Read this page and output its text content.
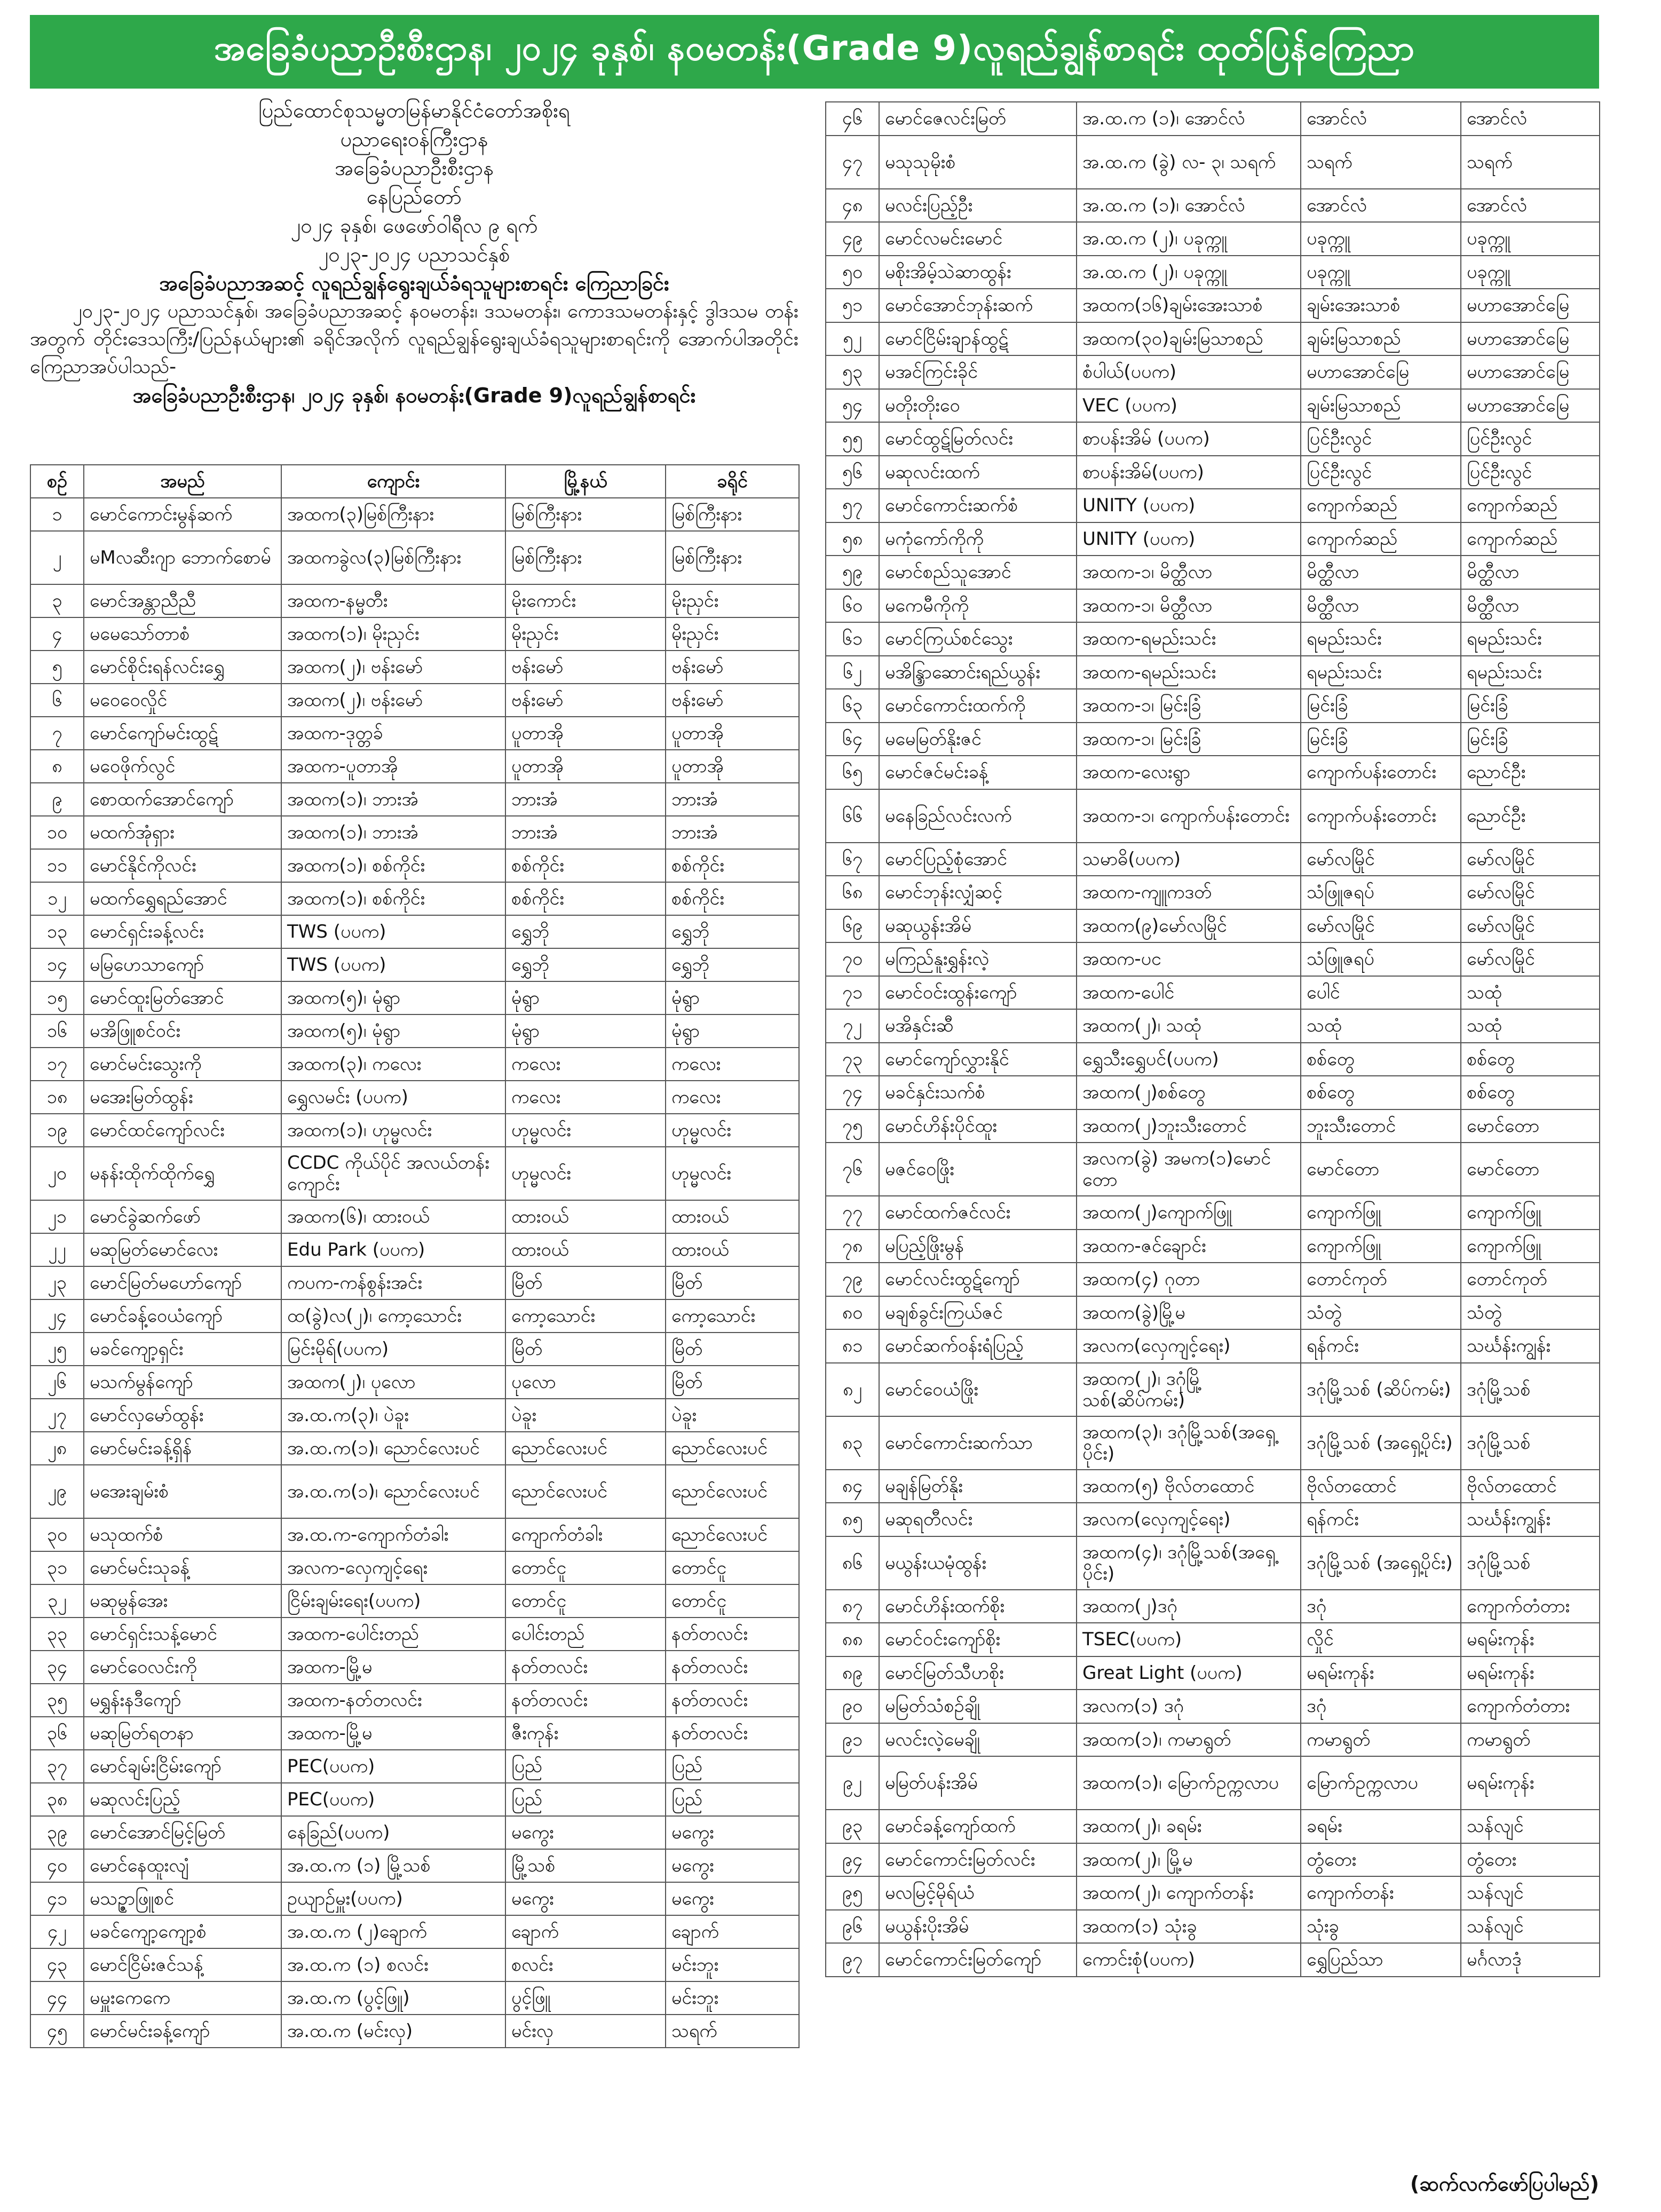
အခြေခံပညာဦးစီးဌာန၊ ၂၀၂၄ ခုနှစ်၊ န၀မတန်း(Grade 9)လူရည်ချွန်စာရင်း ထုတ်ပြန်ကြေညာ
ပြည်ထောင်စုသမ္မတမြန်မာနိုင်ငံတော်အစိုးရ
ပညာရေးဝန်ကြီးဌာန
အခြေခံပညာဦးစီးဌာန
နေပြည်တော်
၂၀၂၄ ခုနှစ်၊ ဖေဖော်ဝါရီလ ၉ ရက်
၂၀၂၃-၂၀၂၄ ပညာသင်နှစ်
အခြေခံပညာအဆင့် လူရည်ချွန်ရွေးချယ်ခံရသူများစာရင်း ကြေညာခြင်း
၂၀၂၃-၂၀၂၄ ပညာသင်နှစ်၊ အခြေခံပညာအဆင့် န၀မတန်း၊ ဒသမတန်း၊ ကောဒသမတန်းနှင့် ဒွါဒသမ တန်းအတွက် တိုင်းဒေသကြီး/ပြည်နယ်များ၏ ခရိုင်အလိုက် လူရည်ချွန်ရွေးချယ်ခံရသူများစာရင်းကို အောက်ပါအတိုင်းကြေညာအပ်ပါသည်-
အခြေခံပညာဦးစီးဌာန၊ ၂၀၂၄ ခုနှစ်၊ န၀မတန်း(Grade 9)လူရည်ချွန်စာရင်း
စဉ်	အမည်	ကျောင်း	မြို့နယ်	ခရိုင်
၁	မောင်ကောင်းမွန်ဆက်	အထက(၃)မြစ်ကြီးနား	မြစ်ကြီးနား	မြစ်ကြီးနား
၂	မMလဆီးဂျာ ဘောက်စောမ်	အထကခွဲလ(၃)မြစ်ကြီးနား	မြစ်ကြီးနား	မြစ်ကြီးနား
၃	မောင်အန္တာညီညီ	အထက-နမ္မတီး	မိုးကောင်း	မိုးညှင်း
၄	မမေသော်တာစံ	အထက(၁)၊ မိုးညှင်း	မိုးညှင်း	မိုးညှင်း
၅	မောင်စိုင်းရန်လင်းရွှေ	အထက(၂)၊ ဗန်းမော်	ဗန်းမော်	ဗန်းမော်
၆	မဝေဝေလှိုင်	အထက(၂)၊ ဗန်းမော်	ဗန်းမော်	ဗန်းမော်
၇	မောင်ကျော်မင်းထွဋ်	အထက-ဒုတ္တခ်	ပူတာအို	ပူတာအို
၈	မဝေဖိုက်လွင်	အထက-ပူတာအို	ပူတာအို	ပူတာအို
၉	စောထက်အောင်ကျော်	အထက(၁)၊ ဘားအံ	ဘားအံ	ဘားအံ
၁၀	မထက်အုံရှား	အထက(၁)၊ ဘားအံ	ဘားအံ	ဘားအံ
၁၁	မောင်နိုင်ကိုလင်း	အထက(၁)၊ စစ်ကိုင်း	စစ်ကိုင်း	စစ်ကိုင်း
၁၂	မထက်ရွှေရည်အောင်	အထက(၁)၊ စစ်ကိုင်း	စစ်ကိုင်း	စစ်ကိုင်း
၁၃	မောင်ရှင်းခန့်လင်း	TWS (ပပက)	ရွှေဘို	ရွှေဘို
၁၄	မမြဟေသာကျော်	TWS (ပပက)	ရွှေဘို	ရွှေဘို
၁၅	မောင်ထူးမြတ်အောင်	အထက(၅)၊ မုံရွာ	မုံရွာ	မုံရွာ
၁၆	မအိဖြူစင်ဝင်း	အထက(၅)၊ မုံရွာ	မုံရွာ	မုံရွာ
၁၇	မောင်မင်းသွေးကို	အထက(၃)၊ ကလေး	ကလေး	ကလေး
၁၈	မအေးမြတ်ထွန်း	ရွှေလမင်း (ပပက)	ကလေး	ကလေး
၁၉	မောင်ထင်ကျော်လင်း	အထက(၁)၊ ဟုမ္မလင်း	ဟုမ္မလင်း	ဟုမ္မလင်း
၂၀	မနန်းထိုက်ထိုက်ရွှေ	CCDC ကိုယ်ပိုင် အလယ်တန်းကျောင်း	ဟုမ္မလင်း	ဟုမ္မလင်း
၂၁	မောင်ခွဲဆက်ဖော်	အထက(၆)၊ ထားဝယ်	ထားဝယ်	ထားဝယ်
၂၂	မဆုမြတ်မောင်လေး	Edu Park (ပပက)	ထားဝယ်	ထားဝယ်
၂၃	မောင်မြတ်မဟော်ကျော်	ကပက-ကန်စွန်းအင်း	မြိတ်	မြိတ်
၂၄	မောင်ခန့်ဝေယံကျော်	ထ(ခွဲ)လ(၂)၊ ကော့သောင်း	ကော့သောင်း	ကော့သောင်း
၂၅	မခင်ကျော့ရှင်း	မြင်းမိုရ်(ပပက)	မြိတ်	မြိတ်
၂၆	မသက်မွန်ကျော်	အထက(၂)၊ ပုလော	ပုလော	မြိတ်
၂၇	မောင်လှမော်ထွန်း	အ.ထ.က(၃)၊ ပဲခူး	ပဲခူး	ပဲခူး
၂၈	မောင်မင်းခန့်ရှိန်	အ.ထ.က(၁)၊ ညောင်လေးပင်	ညောင်လေးပင်	ညောင်လေးပင်
၂၉	မအေးချမ်းစံ	အ.ထ.က(၁)၊ ညောင်လေးပင်	ညောင်လေးပင်	ညောင်လေးပင်
၃၀	မသုထက်စံ	အ.ထ.က-ကျောက်တံခါး	ကျောက်တံခါး	ညောင်လေးပင်
၃၁	မောင်မင်းသုခန့်	အလက-လှေကျင့်ရေး	တောင်ငူ	တောင်ငူ
၃၂	မဆုမွန်အေး	ငြိမ်းချမ်းရေး(ပပက)	တောင်ငူ	တောင်ငူ
၃၃	မောင်ရှင်းသန့်မောင်	အထက-ပေါင်းတည်	ပေါင်းတည်	နတ်တလင်း
၃၄	မောင်ဝေလင်းကို	အထက-မြို့မ	နတ်တလင်း	နတ်တလင်း
၃၅	မရွှန်းနဒီကျော်	အထက-နတ်တလင်း	နတ်တလင်း	နတ်တလင်း
၃၆	မဆုမြတ်ရတနာ	အထက-မြို့မ	ဇီးကုန်း	နတ်တလင်း
၃၇	မောင်ချမ်းငြိမ်းကျော်	PEC(ပပက)	ပြည်	ပြည်
၃၈	မဆုလင်းပြည့်	PEC(ပပက)	ပြည်	ပြည်
၃၉	မောင်အောင်မြင့်မြတ်	နေခြည်(ပပက)	မကွေး	မကွေး
၄၀	မောင်နေထူးလျံ	အ.ထ.က (၁) မြို့သစ်	မြို့သစ်	မကွေး
၄၁	မသဥ္ဇာဖြူစင်	ဥယျာဉ်မှူး(ပပက)	မကွေး	မကွေး
၄၂	မခင်ကျော့ကျော့စံ	အ.ထ.က (၂)ချောက်	ချောက်	ချောက်
၄၃	မောင်ငြိမ်းဇင်သန့်	အ.ထ.က (၁) စလင်း	စလင်း	မင်းဘူး
၄၄	မမှူးကေကေ	အ.ထ.က (ပွင့်ဖြူ)	ပွင့်ဖြူ	မင်းဘူး
၄၅	မောင်မင်းခန့်ကျော်	အ.ထ.က (မင်းလှ)	မင်းလှ	သရက်
၄၆	မောင်ဇေလင်းမြတ်	အ.ထ.က (၁)၊ အောင်လံ	အောင်လံ	အောင်လံ
၄၇	မသုသုမိုးစံ	အ.ထ.က (ခွဲ) လ- ၃၊ သရက်	သရက်	သရက်
၄၈	မလင်းပြည့်ဦး	အ.ထ.က (၁)၊ အောင်လံ	အောင်လံ	အောင်လံ
၄၉	မောင်လမင်းမောင်	အ.ထ.က (၂)၊ ပခုက္ကူ	ပခုက္ကူ	ပခုက္ကူ
၅၀	မစိုးအိမ့်သဲဆာထွန်း	အ.ထ.က (၂)၊ ပခုက္ကူ	ပခုက္ကူ	ပခုက္ကူ
၅၁	မောင်အောင်ဘုန်းဆက်	အထက(၁၆)ချမ်းအေးသာစံ	ချမ်းအေးသာစံ	မဟာအောင်မြေ
၅၂	မောင်ငြိမ်းချာန်ထွဋ်	အထက(၃၀)ချမ်းမြသာစည်	ချမ်းမြသာစည်	မဟာအောင်မြေ
၅၃	မအင်ကြင်းခိုင်	စံပါယ်(ပပက)	မဟာအောင်မြေ	မဟာအောင်မြေ
၅၄	မတိုးတိုးဝေ	VEC (ပပက)	ချမ်းမြသာစည်	မဟာအောင်မြေ
၅၅	မောင်ထွဋ်မြတ်လင်း	စာပန်းအိမ် (ပပက)	ပြင်ဦးလွင်	ပြင်ဦးလွင်
၅၆	မဆုလင်းထက်	စာပန်းအိမ်(ပပက)	ပြင်ဦးလွင်	ပြင်ဦးလွင်
၅၇	မောင်ကောင်းဆက်စံ	UNITY (ပပက)	ကျောက်ဆည်	ကျောက်ဆည်
၅၈	မကုံကော်ကိုကို	UNITY (ပပက)	ကျောက်ဆည်	ကျောက်ဆည်
၅၉	မောင်စည်သူအောင်	အထက-၁၊ မိတ္ထီလာ	မိတ္ထီလာ	မိတ္ထီလာ
၆၀	မကေမီကိုကို	အထက-၁၊ မိတ္ထီလာ	မိတ္ထီလာ	မိတ္ထီလာ
၆၁	မောင်ကြယ်စင်သွေး	အထက-ရမည်းသင်း	ရမည်းသင်း	ရမည်းသင်း
၆၂	မအိန္ဒြာဆောင်းရည်ယွန်း	အထက-ရမည်းသင်း	ရမည်းသင်း	ရမည်းသင်း
၆၃	မောင်ကောင်းထက်ကို	အထက-၁၊ မြင်းခြံ	မြင်းခြံ	မြင်းခြံ
၆၄	မမေမြတ်နိုးဇင်	အထက-၁၊ မြင်းခြံ	မြင်းခြံ	မြင်းခြံ
၆၅	မောင်ဇင်မင်းခန့်	အထက-လေးရွာ	ကျောက်ပန်းတောင်း	ညောင်ဦး
၆၆	မနေခြည်လင်းလက်	အထက-၁၊ ကျောက်ပန်းတောင်း	ကျောက်ပန်းတောင်း	ညောင်ဦး
၆၇	မောင်ပြည့်စုံအောင်	သမာဓိ(ပပက)	မော်လမြိုင်	မော်လမြိုင်
၆၈	မောင်ဘုန်းလျှံဆင့်	အထက-ကျူကဒတ်	သံဖြူဇရပ်	မော်လမြိုင်
၆၉	မဆုယွန်းအိမ်	အထက(၉)မော်လမြိုင်	မော်လမြိုင်	မော်လမြိုင်
၇၀	မကြည်နူးရွှန်းလဲ့	အထက-ပင	သံဖြူဇရပ်	မော်လမြိုင်
၇၁	မောင်ဝင်းထွန်းကျော်	အထက-ပေါင်	ပေါင်	သထုံ
၇၂	မအိနှင်းဆီ	အထက(၂)၊ သထုံ	သထုံ	သထုံ
၇၃	မောင်ကျော်လွှားနိုင်	ရွှေသီးရွှေပင်(ပပက)	စစ်တွေ	စစ်တွေ
၇၄	မခင်နှင်းသက်စံ	အထက(၂)စစ်တွေ	စစ်တွေ	စစ်တွေ
၇၅	မောင်ဟိန်းပိုင်ထူး	အထက(၂)ဘူးသီးတောင်	ဘူးသီးတောင်	မောင်တော
၇၆	မဇင်ဝေဖြိုး	အလက(ခွဲ) အမက(၁)မောင်တော	မောင်တော	မောင်တော
၇၇	မောင်ထက်ဇင်လင်း	အထက(၂)ကျောက်ဖြူ	ကျောက်ဖြူ	ကျောက်ဖြူ
၇၈	မပြည့်ဖြိုးမွန်	အထက-ဇင်ချောင်း	ကျောက်ဖြူ	ကျောက်ဖြူ
၇၉	မောင်လင်းထွဋ်ကျော်	အထက(၄) ဂုတာ	တောင်ကုတ်	တောင်ကုတ်
၈၀	မချစ်ခွင်းကြယ်ဇင်	အထက(ခွဲ)မြို့မ	သံတွဲ	သံတွဲ
၈၁	မောင်ဆက်ဝန်းရံပြည့်	အလက(လှေကျင့်ရေး)	ရန်ကင်း	သင်္ဃန်းကျွန်း
၈၂	မောင်ဝေယံဖြိုး	အထက(၂)၊ ဒဂုံမြို့သစ်(ဆိပ်ကမ်း)	ဒဂုံမြို့သစ် (ဆိပ်ကမ်း)	ဒဂုံမြို့သစ်
၈၃	မောင်ကောင်းဆက်သာ	အထက(၃)၊ ဒဂုံမြို့သစ်(အရှေ့ပိုင်း)	ဒဂုံမြို့သစ် (အရှေ့ပိုင်း)	ဒဂုံမြို့သစ်
၈၄	မချန်မြတ်နိုး	အထက(၅) ဗိုလ်တထောင်	ဗိုလ်တထောင်	ဗိုလ်တထောင်
၈၅	မဆုရတီလင်း	အလက(လှေကျင့်ရေး)	ရန်ကင်း	သင်္ဃန်းကျွန်း
၈၆	မယွန်းယမုံထွန်း	အထက(၄)၊ ဒဂုံမြို့သစ်(အရှေ့ပိုင်း)	ဒဂုံမြို့သစ် (အရှေ့ပိုင်း)	ဒဂုံမြို့သစ်
၈၇	မောင်ဟိန်းထက်စိုး	အထက(၂)ဒဂုံ	ဒဂုံ	ကျောက်တံတား
၈၈	မောင်ဝင်းကျော်စိုး	TSEC(ပပက)	လှိုင်	မရမ်းကုန်း
၈၉	မောင်မြတ်သီဟစိုး	Great Light (ပပက)	မရမ်းကုန်း	မရမ်းကုန်း
၉၀	မမြတ်သံစဉ်ချို	အလက(၁) ဒဂုံ	ဒဂုံ	ကျောက်တံတား
၉၁	မလင်းလဲ့မေချို	အထက(၁)၊ ကမာရွတ်	ကမာရွတ်	ကမာရွတ်
၉၂	မမြတ်ပန်းအိမ်	အထက(၁)၊ မြောက်ဥက္ကလာပ	မြောက်ဥက္ကလာပ	မရမ်းကုန်း
၉၃	မောင်ခန့်ကျော်ထက်	အထက(၂)၊ ခရမ်း	ခရမ်း	သန်လျင်
၉၄	မောင်ကောင်းမြတ်လင်း	အထက(၂)၊ မြို့မ	တွံတေး	တွံတေး
၉၅	မလမြင့်မိုရ်ယံ	အထက(၂)၊ ကျောက်တန်း	ကျောက်တန်း	သန်လျင်
၉၆	မယွန်းပိုးအိမ်	အထက(၁) သုံးခွ	သုံးခွ	သန်လျင်
၉၇	မောင်ကောင်းမြတ်ကျော်	ကောင်းစုံ(ပပက)	ရွှေပြည်သာ	မင်္ဂလာဒုံ
(ဆက်လက်ဖော်ပြပါမည်)
